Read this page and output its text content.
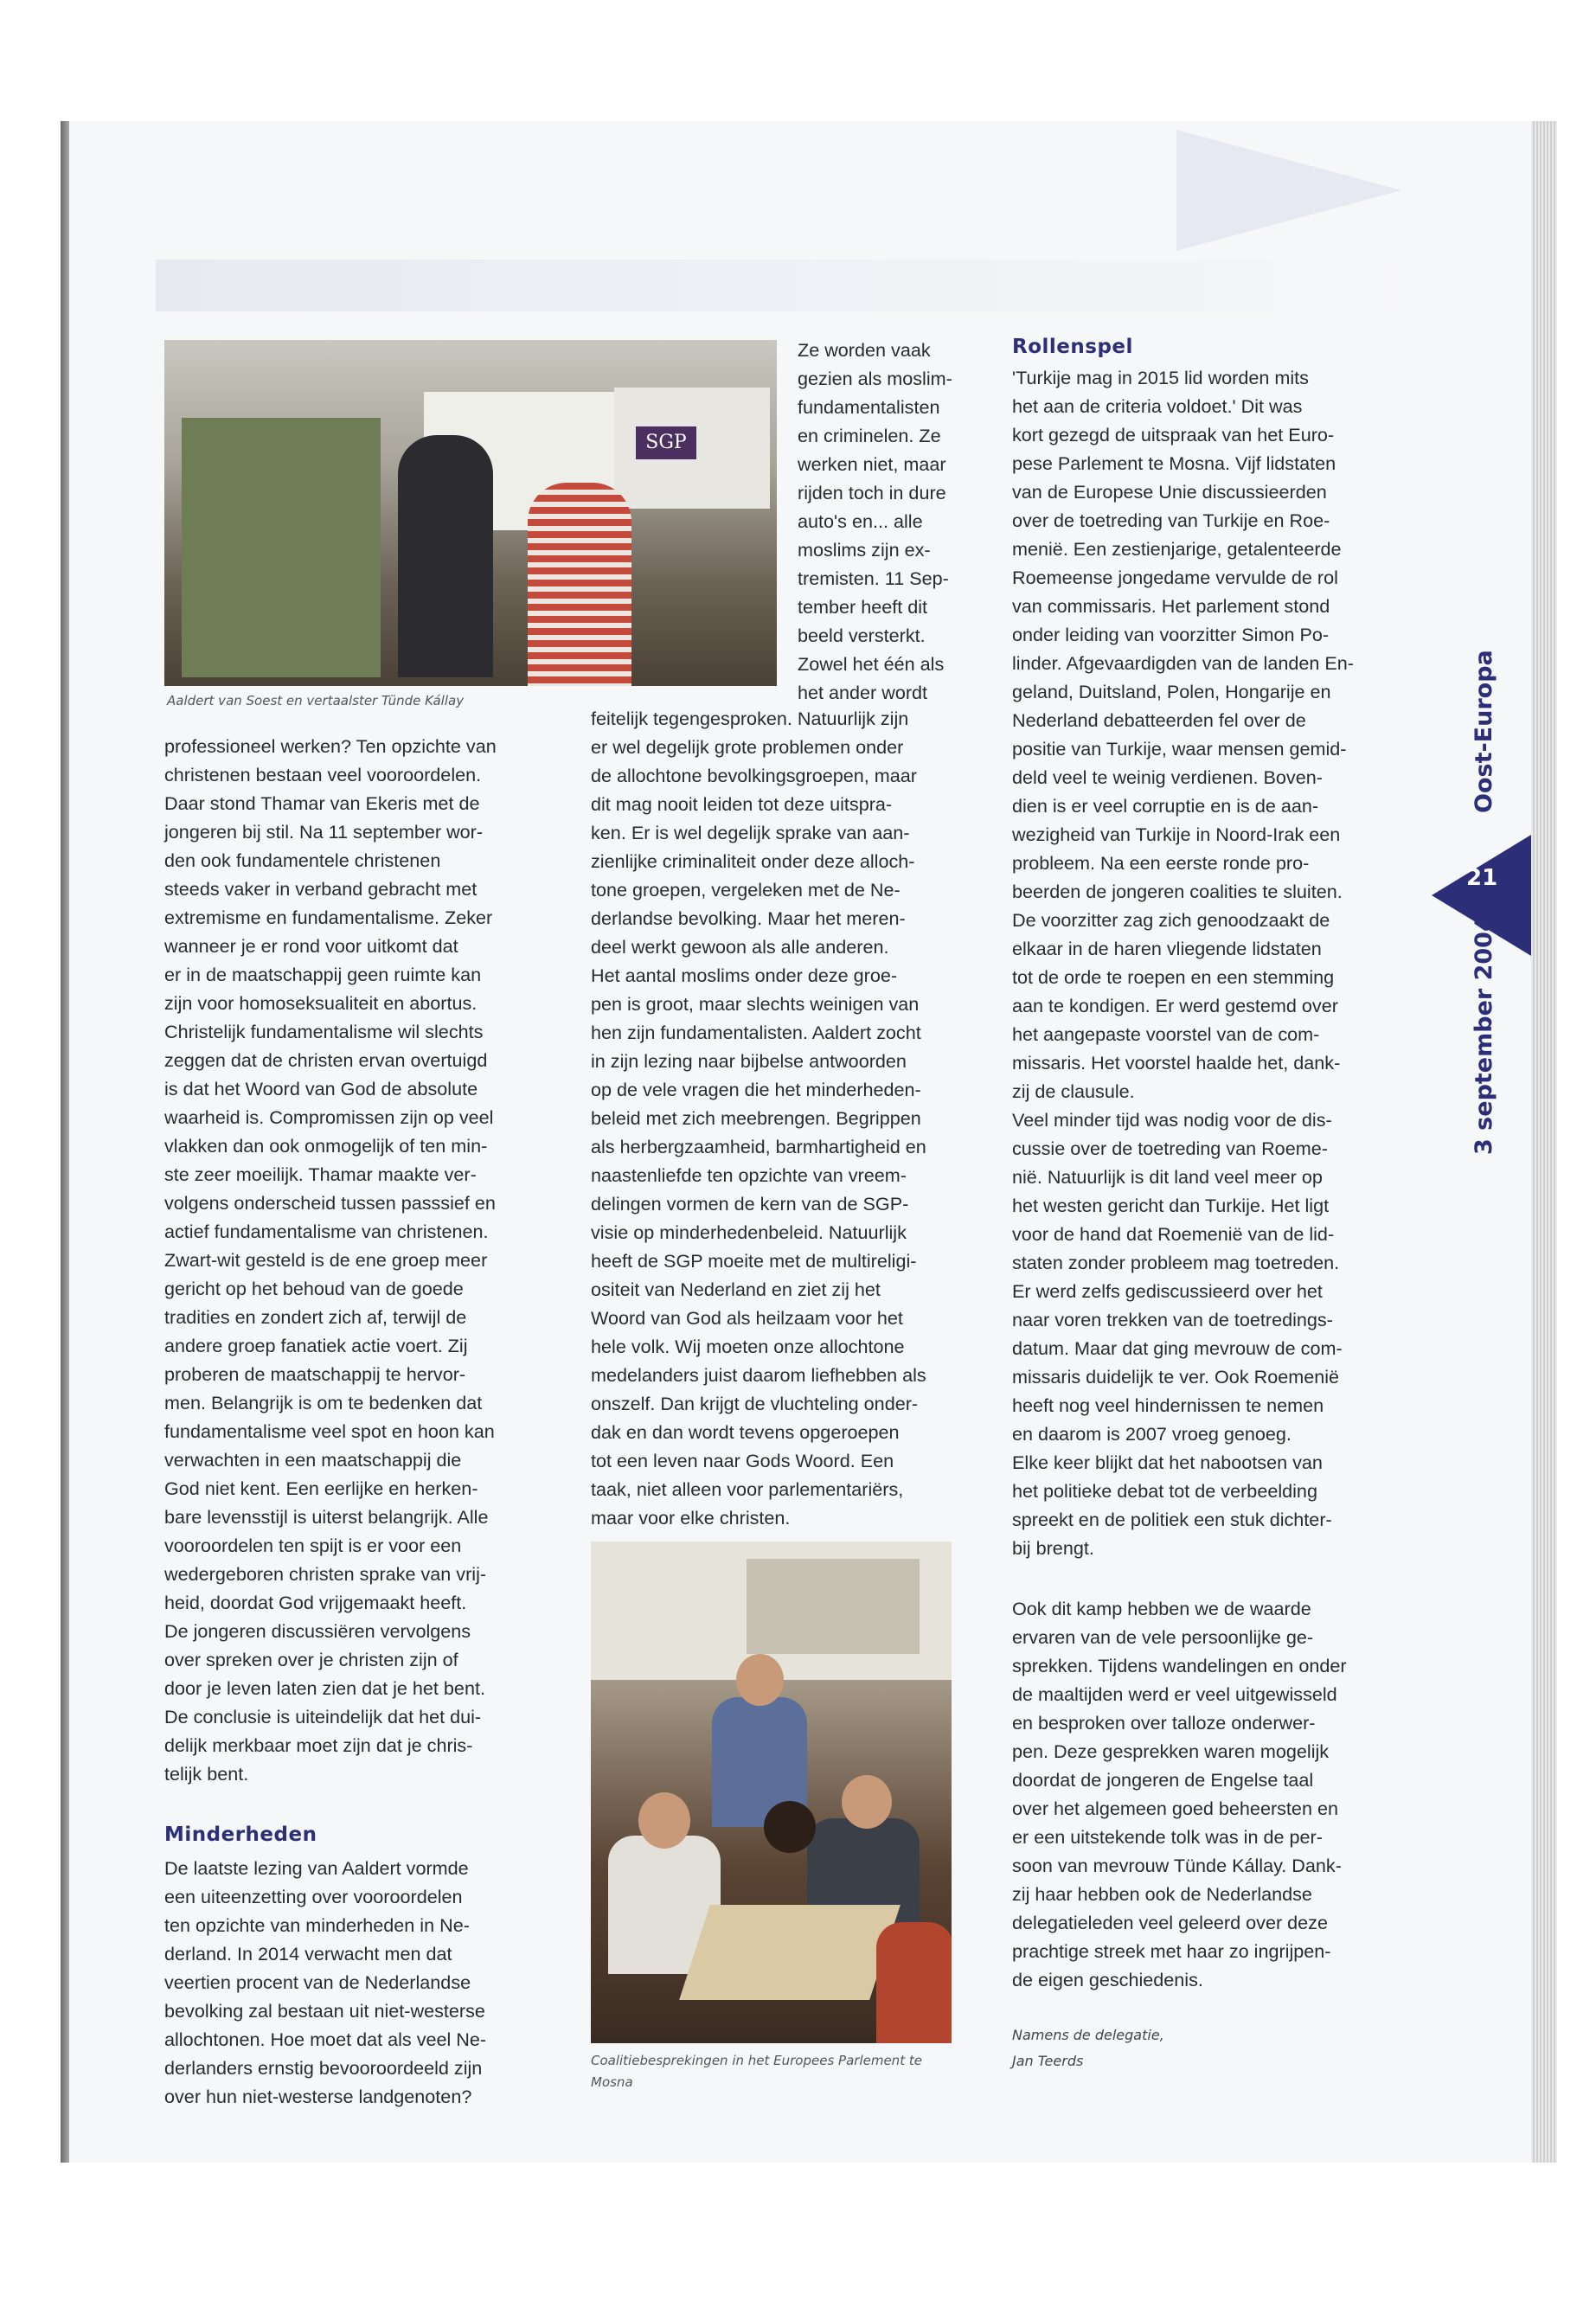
SGP

Aaldert van Soest en vertaalster Tünde Kállay

Ze worden vaak
gezien als moslim-
fundamentalisten
en criminelen. Ze
werken niet, maar
rijden toch in dure
auto's en... alle
moslims zijn ex-
tremisten. 11 Sep-
tember heeft dit
beeld versterkt.
Zowel het één als
het ander wordt

professioneel werken? Ten opzichte van
christenen bestaan veel vooroordelen.
Daar stond Thamar van Ekeris met de
jongeren bij stil. Na 11 september wor-
den ook fundamentele christenen
steeds vaker in verband gebracht met
extremisme en fundamentalisme. Zeker
wanneer je er rond voor uitkomt dat
er in de maatschappij geen ruimte kan
zijn voor homoseksualiteit en abortus.
Christelijk fundamentalisme wil slechts
zeggen dat de christen ervan overtuigd
is dat het Woord van God de absolute
waarheid is. Compromissen zijn op veel
vlakken dan ook onmogelijk of ten min-
ste zeer moeilijk. Thamar maakte ver-
volgens onderscheid tussen passsief en
actief fundamentalisme van christenen.
Zwart-wit gesteld is de ene groep meer
gericht op het behoud van de goede
tradities en zondert zich af, terwijl de
andere groep fanatiek actie voert. Zij
proberen de maatschappij te hervor-
men. Belangrijk is om te bedenken dat
fundamentalisme veel spot en hoon kan
verwachten in een maatschappij die
God niet kent. Een eerlijke en herken-
bare levensstijl is uiterst belangrijk. Alle
vooroordelen ten spijt is er voor een
wedergeboren christen sprake van vrij-
heid, doordat God vrijgemaakt heeft.
De jongeren discussiëren vervolgens
over spreken over je christen zijn of
door je leven laten zien dat je het bent.
De conclusie is uiteindelijk dat het dui-
delijk merkbaar moet zijn dat je chris-
telijk bent.

Minderheden

De laatste lezing van Aaldert vormde
een uiteenzetting over vooroordelen
ten opzichte van minderheden in Ne-
derland. In 2014 verwacht men dat
veertien procent van de Nederlandse
bevolking zal bestaan uit niet-westerse
allochtonen. Hoe moet dat als veel Ne-
derlanders ernstig bevooroordeeld zijn
over hun niet-westerse landgenoten?

feitelijk tegengesproken. Natuurlijk zijn
er wel degelijk grote problemen onder
de allochtone bevolkingsgroepen, maar
dit mag nooit leiden tot deze uitspra-
ken. Er is wel degelijk sprake van aan-
zienlijke criminaliteit onder deze alloch-
tone groepen, vergeleken met de Ne-
derlandse bevolking. Maar het meren-
deel werkt gewoon als alle anderen.
Het aantal moslims onder deze groe-
pen is groot, maar slechts weinigen van
hen zijn fundamentalisten. Aaldert zocht
in zijn lezing naar bijbelse antwoorden
op de vele vragen die het minderheden-
beleid met zich meebrengen. Begrippen
als herbergzaamheid, barmhartigheid en
naastenliefde ten opzichte van vreem-
delingen vormen de kern van de SGP-
visie op minderhedenbeleid. Natuurlijk
heeft de SGP moeite met de multireligi-
ositeit van Nederland en ziet zij het
Woord van God als heilzaam voor het
hele volk. Wij moeten onze allochtone
medelanders juist daarom liefhebben als
onszelf. Dan krijgt de vluchteling onder-
dak en dan wordt tevens opgeroepen
tot een leven naar Gods Woord. Een
taak, niet alleen voor parlementariërs,
maar voor elke christen.

Coalitiebesprekingen in het Europees Parlement te Mosna

Rollenspel

'Turkije mag in 2015 lid worden mits
het aan de criteria voldoet.' Dit was
kort gezegd de uitspraak van het Euro-
pese Parlement te Mosna. Vijf lidstaten
van de Europese Unie discussieerden
over de toetreding van Turkije en Roe-
menië. Een zestienjarige, getalenteerde
Roemeense jongedame vervulde de rol
van commissaris. Het parlement stond
onder leiding van voorzitter Simon Po-
linder. Afgevaardigden van de landen En-
geland, Duitsland, Polen, Hongarije en
Nederland debatteerden fel over de
positie van Turkije, waar mensen gemid-
deld veel te weinig verdienen. Boven-
dien is er veel corruptie en is de aan-
wezigheid van Turkije in Noord-Irak een
probleem. Na een eerste ronde pro-
beerden de jongeren coalities te sluiten.
De voorzitter zag zich genoodzaakt de
elkaar in de haren vliegende lidstaten
tot de orde te roepen en een stemming
aan te kondigen. Er werd gestemd over
het aangepaste voorstel van de com-
missaris. Het voorstel haalde het, dank-
zij de clausule.
Veel minder tijd was nodig voor de dis-
cussie over de toetreding van Roeme-
nië. Natuurlijk is dit land veel meer op
het westen gericht dan Turkije. Het ligt
voor de hand dat Roemenië van de lid-
staten zonder probleem mag toetreden.
Er werd zelfs gediscussieerd over het
naar voren trekken van de toetredings-
datum. Maar dat ging mevrouw de com-
missaris duidelijk te ver. Ook Roemenië
heeft nog veel hindernissen te nemen
en daarom is 2007 vroeg genoeg.
Elke keer blijkt dat het nabootsen van
het politieke debat tot de verbeelding
spreekt en de politiek een stuk dichter-
bij brengt.

Ook dit kamp hebben we de waarde
ervaren van de vele persoonlijke ge-
sprekken. Tijdens wandelingen en onder
de maaltijden werd er veel uitgewisseld
en besproken over talloze onderwer-
pen. Deze gesprekken waren mogelijk
doordat de jongeren de Engelse taal
over het algemeen goed beheersten en
er een uitstekende tolk was in de per-
soon van mevrouw Tünde Kállay. Dank-
zij haar hebben ook de Nederlandse
delegatieleden veel geleerd over deze
prachtige streek met haar zo ingrijpen-
de eigen geschiedenis.

Namens de delegatie,
Jan Teerds

Oost-Europa
21
3 september 2004
